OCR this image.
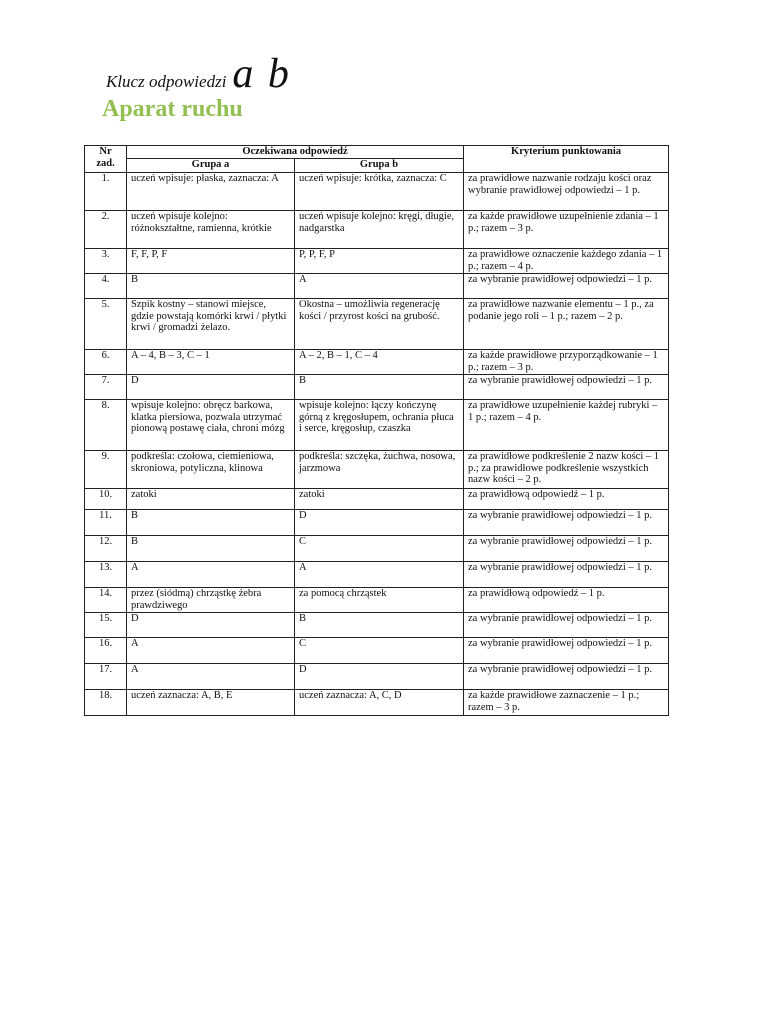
Klucz odpowiedzi a b
Aparat ruchu
Nr
zad.	Oczekiwana odpowiedź		Kryterium punktowania
	Grupa a	Grupa b	
1.	uczeń wpisuje: płaska, zaznacza: A	uczeń wpisuje: krótka, zaznacza: C	za prawidłowe nazwanie rodzaju kości oraz wybranie prawidłowej odpowiedzi – 1 p.
2.	uczeń wpisuje kolejno: różnokształtne, ramienna, krótkie	uczeń wpisuje kolejno: kręgi, długie, nadgarstka	za każde prawidłowe uzupełnienie zdania – 1 p.; razem – 3 p.
3.	F, F, P, F	P, P, F, P	za prawidłowe oznaczenie każdego zdania – 1 p.; razem – 4 p.
4.	B	A	za wybranie prawidłowej odpowiedzi – 1 p.
5.	Szpik kostny – stanowi miejsce, gdzie powstają komórki krwi / płytki krwi / gromadzi żelazo.	Okostna – umożliwia regenerację kości / przyrost kości na grubość.	za prawidłowe nazwanie elementu – 1 p., za podanie jego roli – 1 p.; razem – 2 p.
6.	A – 4, B – 3, C – 1	A – 2, B – 1, C – 4	za każde prawidłowe przyporządkowanie – 1 p.; razem – 3 p.
7.	D	B	za wybranie prawidłowej odpowiedzi – 1 p.
8.	wpisuje kolejno: obręcz barkowa, klatka piersiowa, pozwala utrzymać pionową postawę ciała, chroni mózg	wpisuje kolejno: łączy kończynę górną z kręgosłupem, ochrania płuca i serce, kręgosłup, czaszka	za prawidłowe uzupełnienie każdej rubryki – 1 p.; razem – 4 p.
9.	podkreśla: czołowa, ciemieniowa, skroniowa, potyliczna, klinowa	podkreśla: szczęka, żuchwa, nosowa, jarzmowa	za prawidłowe podkreślenie 2 nazw kości – 1 p.; za prawidłowe podkreślenie wszystkich nazw kości – 2 p.
10.	zatoki	zatoki	za prawidłową odpowiedź – 1 p.
11.	B	D	za wybranie prawidłowej odpowiedzi – 1 p.
12.	B	C	za wybranie prawidłowej odpowiedzi – 1 p.
13.	A	A	za wybranie prawidłowej odpowiedzi – 1 p.
14.	przez (siódmą) chrząstkę żebra prawdziwego	za pomocą chrząstek	za prawidłową odpowiedź – 1 p.
15.	D	B	za wybranie prawidłowej odpowiedzi – 1 p.
16.	A	C	za wybranie prawidłowej odpowiedzi – 1 p.
17.	A	D	za wybranie prawidłowej odpowiedzi – 1 p.
18.	uczeń zaznacza: A, B, E	uczeń zaznacza: A, C, D	za każde prawidłowe zaznaczenie – 1 p.; razem – 3 p.
